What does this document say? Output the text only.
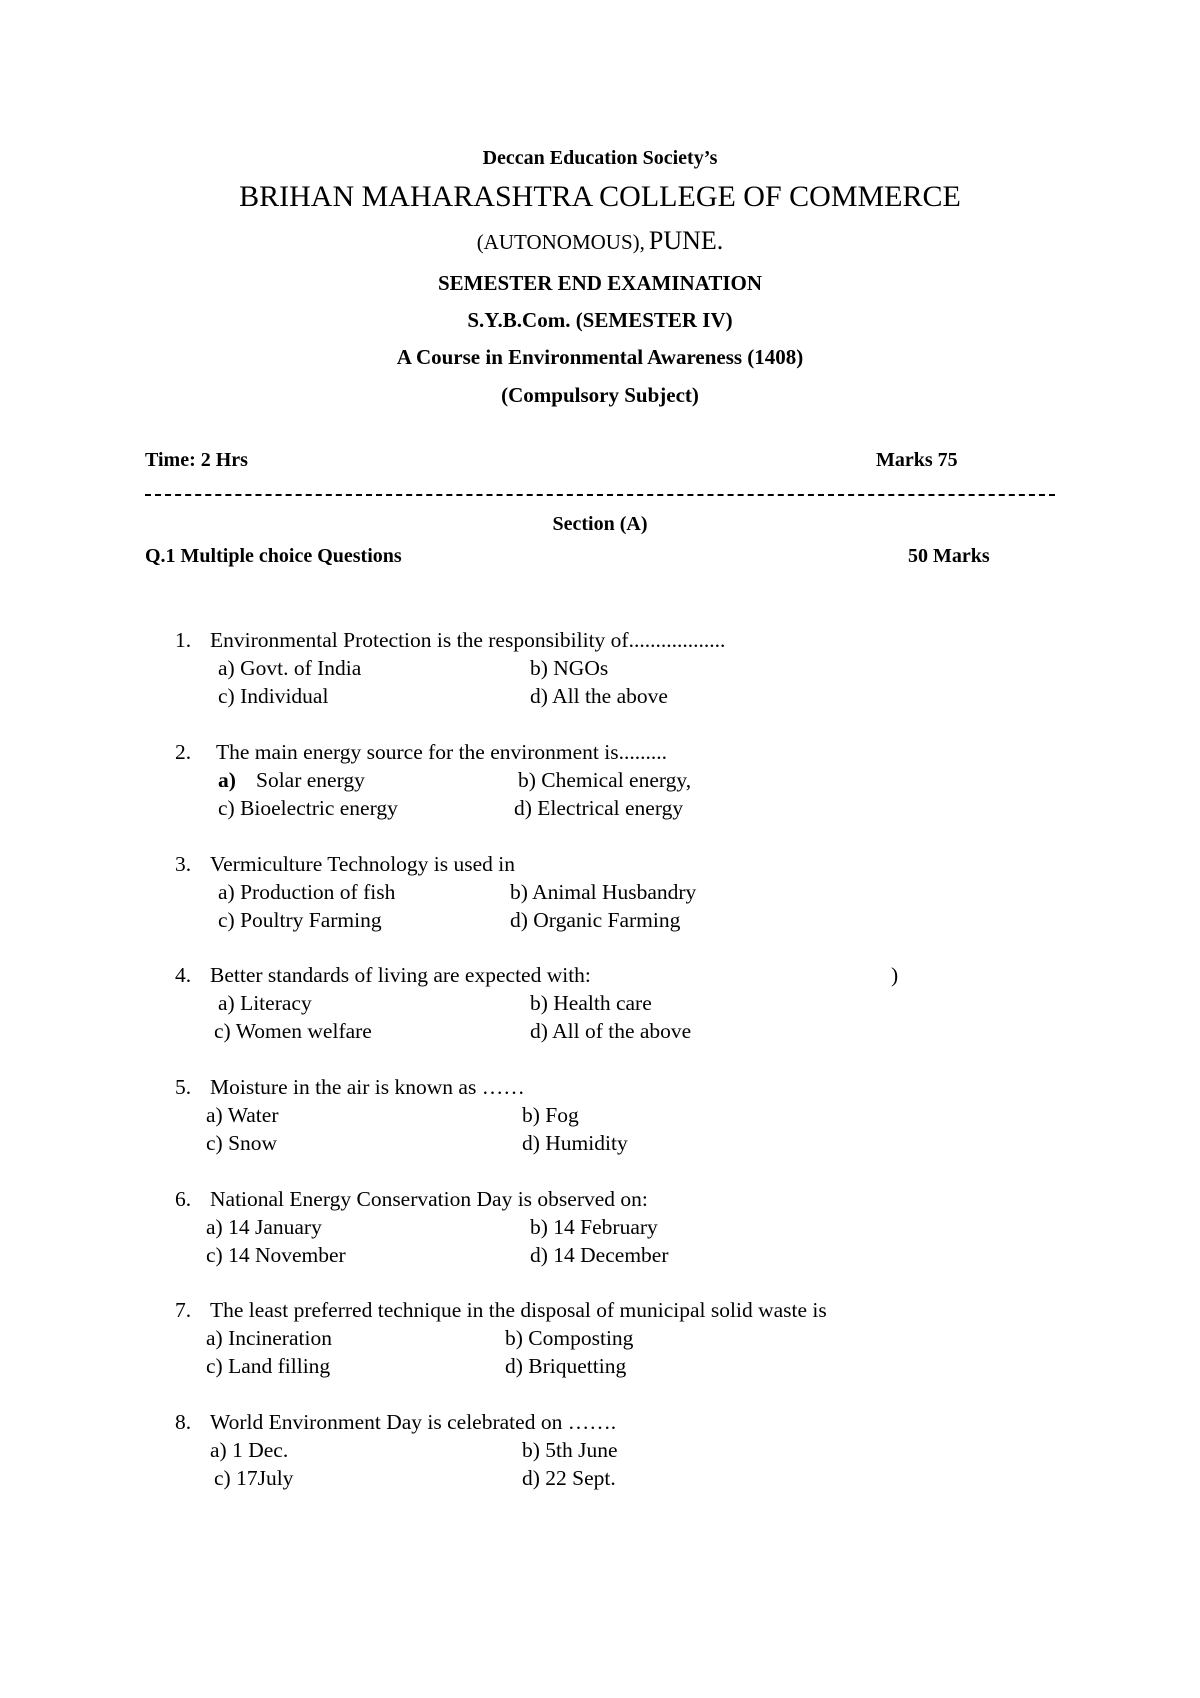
Deccan Education Society’s
BRIHAN MAHARASHTRA COLLEGE OF COMMERCE
(AUTONOMOUS), PUNE.
SEMESTER END EXAMINATION
S.Y.B.Com. (SEMESTER IV)
A Course in Environmental Awareness (1408)
(Compulsory Subject)
Time: 2 Hrs	Marks 75
Section (A)
Q.1 Multiple choice Questions	50 Marks
1. Environmental Protection is the responsibility of..................
a) Govt. of India	b) NGOs
c) Individual	d) All the above
2. The main energy source for the environment is.........
a) Solar energy	b) Chemical energy,
c) Bioelectric energy	d) Electrical energy
3. Vermiculture Technology is used in
a) Production of fish	b) Animal Husbandry
c) Poultry Farming	d) Organic Farming
4. Better standards of living are expected with:	)
a) Literacy	b) Health care
c) Women welfare	d) All of the above
5. Moisture in the air is known as ……
a) Water	b) Fog
c) Snow	d) Humidity
6. National Energy Conservation Day is observed on:
a) 14 January	b) 14 February
c) 14 November	d) 14 December
7. The least preferred technique in the disposal of municipal solid waste is
a) Incineration	b) Composting
c) Land filling	d) Briquetting
8. World Environment Day is celebrated on …….
a) 1 Dec.	b) 5th June
c) 17July	d) 22 Sept.
